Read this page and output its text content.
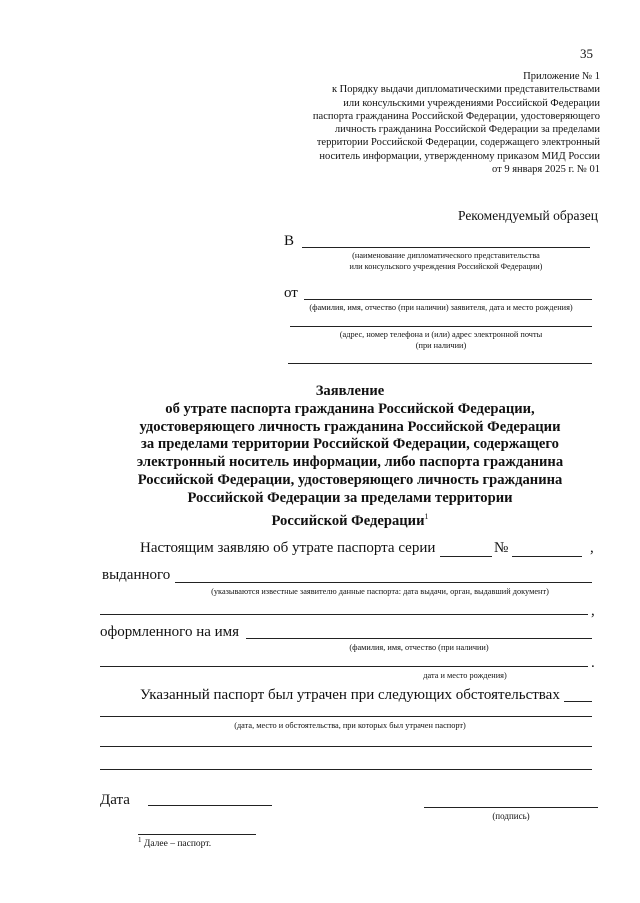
35
Приложение № 1
к Порядку выдачи дипломатическими представительствами
или консульскими учреждениями Российской Федерации
паспорта гражданина Российской Федерации, удостоверяющего
личность гражданина Российской Федерации за пределами
территории Российской Федерации, содержащего электронный
носитель информации, утвержденному приказом МИД России
от 9 января 2025 г. № 01
Рекомендуемый образец
В
(наименование дипломатического представительства
или консульского учреждения Российской Федерации)
от
(фамилия, имя, отчество (при наличии) заявителя, дата и место рождения)
(адрес, номер телефона и (или) адрес электронной почты
(при наличии)
Заявление
об утрате паспорта гражданина Российской Федерации,
удостоверяющего личность гражданина Российской Федерации
за пределами территории Российской Федерации, содержащего
электронный носитель информации, либо паспорта гражданина
Российской Федерации, удостоверяющего личность гражданина
Российской Федерации за пределами территории
Российской Федерации$^1$
Настоящим заявляю об утрате паспорта серии	№	,
выданного
(указываются известные заявителю данные паспорта: дата выдачи, орган, выдавший документ)
,
оформленного на имя
(фамилия, имя, отчество (при наличии)
.
дата и место рождения)
Указанный паспорт был утрачен при следующих обстоятельствах
(дата, место и обстоятельства, при которых был утрачен паспорт)
Дата
(подпись)
$^1$ Далее – паспорт.
